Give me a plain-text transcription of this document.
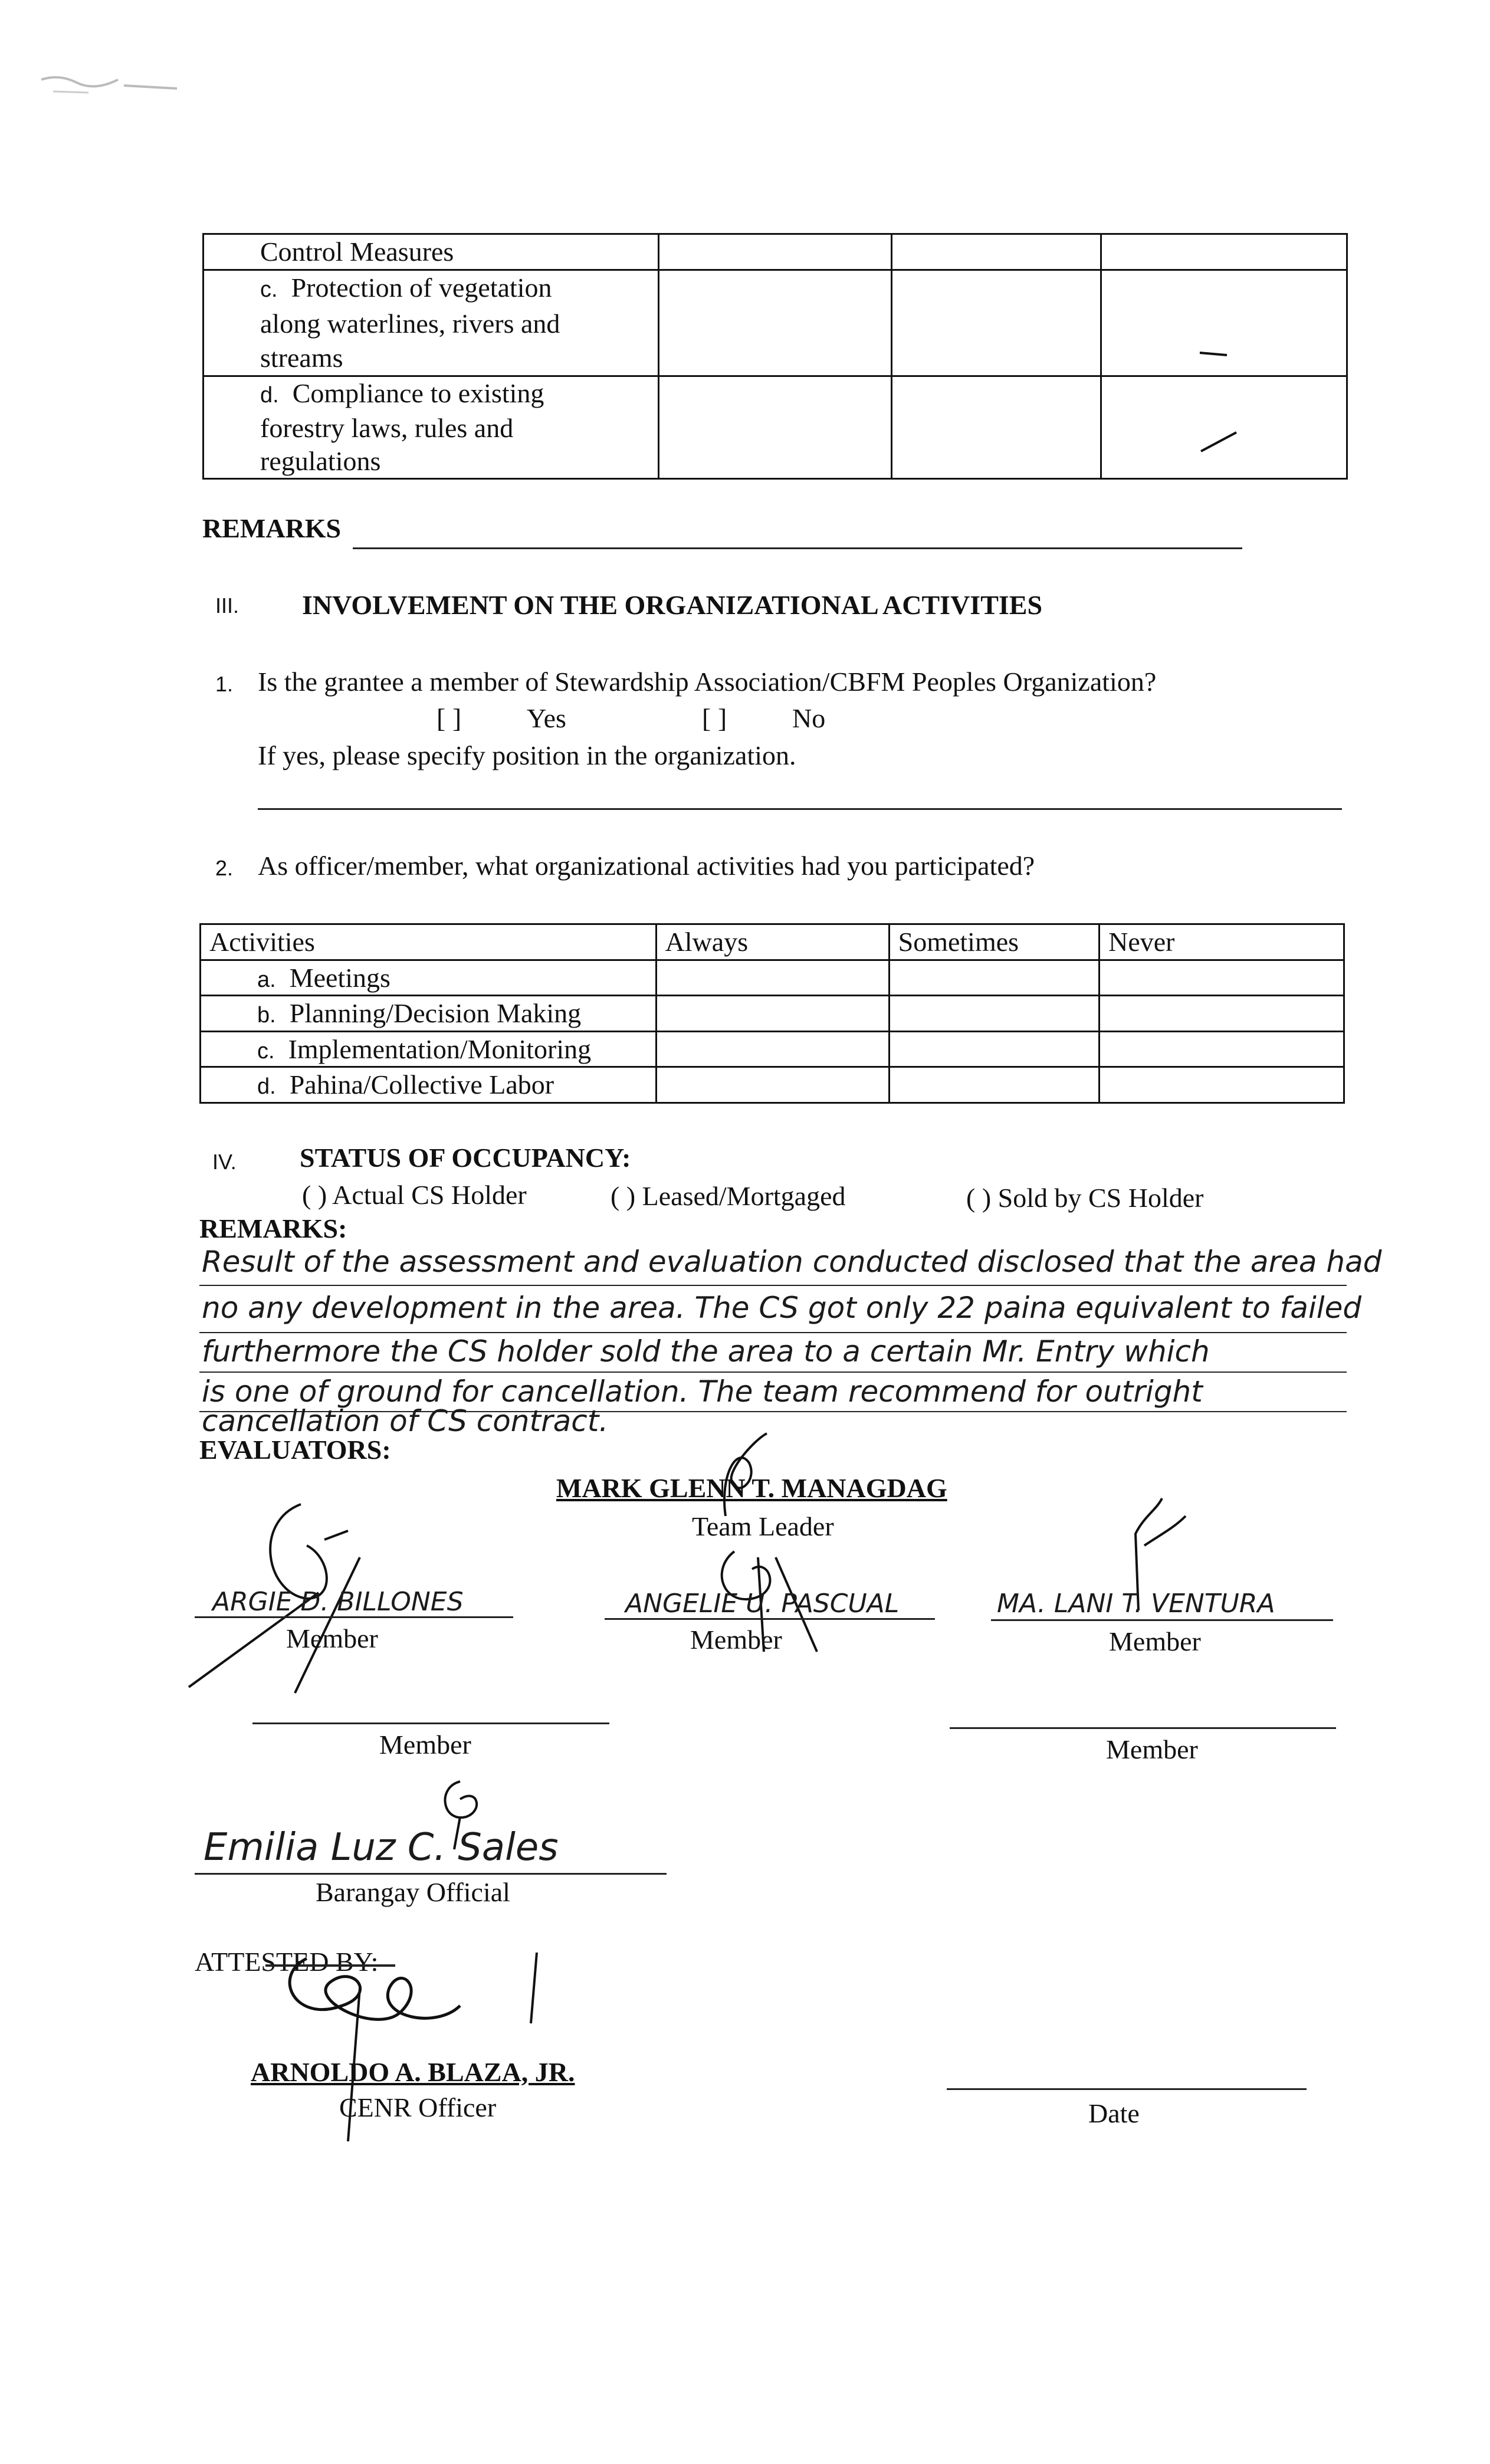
Control Measures			
c. Protection of vegetation
along waterlines, rivers and
streams			
d. Compliance to existing
forestry laws, rules and
regulations			
REMARKS
III. INVOLVEMENT ON THE ORGANIZATIONAL ACTIVITIES
1. Is the grantee a member of Stewardship Association/CBFM Peoples Organization?
[ ] Yes	[ ] No
If yes, please specify position in the organization.
2. As officer/member, what organizational activities had you participated?
Activities	Always	Sometimes	Never
a. Meetings			
b. Planning/Decision Making			
c. Implementation/Monitoring			
d. Pahina/Collective Labor			
IV. STATUS OF OCCUPANCY:
( ) Actual CS Holder	( ) Leased/Mortgaged	( ) Sold by CS Holder
REMARKS:
Result of the assessment and evaluation conducted disclosed that the area had
no any development in the area. The CS got only 22 paina equivalent to failed
furthermore the CS holder sold the area to a certain Mr. Entry which
is one of ground for cancellation. The team recommend for outright
cancellation of CS contract.
EVALUATORS:
MARK GLENN T. MANAGDAG
Team Leader
ARGIE D. BILLONES
Member
ANGELIE U. PASCUAL
Member
MA. LANI T. VENTURA
Member
Member	Member
Emilia Luz C. Sales
Barangay Official
ATTESTED BY:
ARNOLDO A. BLAZA, JR.
CENR Officer	Date
